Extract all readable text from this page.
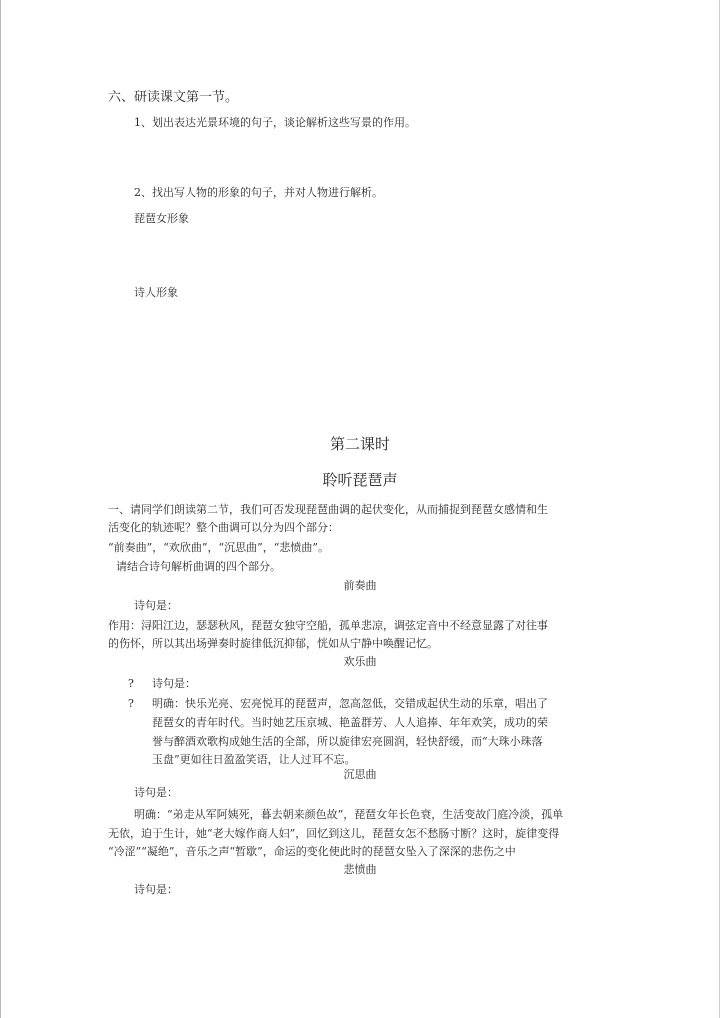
六、研读课文第一节。
1、划出表达光景环境的句子，谈论解析这些写景的作用。
2、找出写人物的形象的句子，并对人物进行解析。
琵琶女形象
诗人形象
第二课时
聆听琵琶声
一、请同学们朗读第二节，我们可否发现琵琶曲调的起伏变化，从而捕捉到琵琶女感情和生
活变化的轨迹呢？整个曲调可以分为四个部分：
“前奏曲”，“欢欣曲”，“沉思曲”，“悲愤曲”。
请结合诗句解析曲调的四个部分。
前奏曲
诗句是：
作用：浔阳江边，瑟瑟秋风，琵琶女独守空船，孤单悲凉，调弦定音中不经意显露了对往事
的伤怀，所以其出场弹奏时旋律低沉抑郁，恍如从宁静中唤醒记忆。
欢乐曲
? 诗句是：
? 明确：快乐光亮、宏亮悦耳的琵琶声，忽高忽低，交错成起伏生动的乐章，唱出了
琵琶女的青年时代。当时她艺压京城、艳盖群芳、人人追捧、年年欢笑，成功的荣
誉与醉酒欢歌构成她生活的全部，所以旋律宏亮圆润，轻快舒缓，而“大珠小珠落
玉盘”更如往日盈盈笑语，让人过耳不忘。
沉思曲
诗句是：
明确：“弟走从军阿姨死，暮去朝来颜色故”，琵琶女年长色衰，生活变故门庭冷淡，孤单
无依，迫于生计，她“老大嫁作商人妇”，回忆到这儿，琵琶女怎不愁肠寸断？这时，旋律变得
“冷涩”“凝绝”，音乐之声“暂歇”，命运的变化使此时的琵琶女坠入了深深的悲伤之中
悲愤曲
诗句是：
